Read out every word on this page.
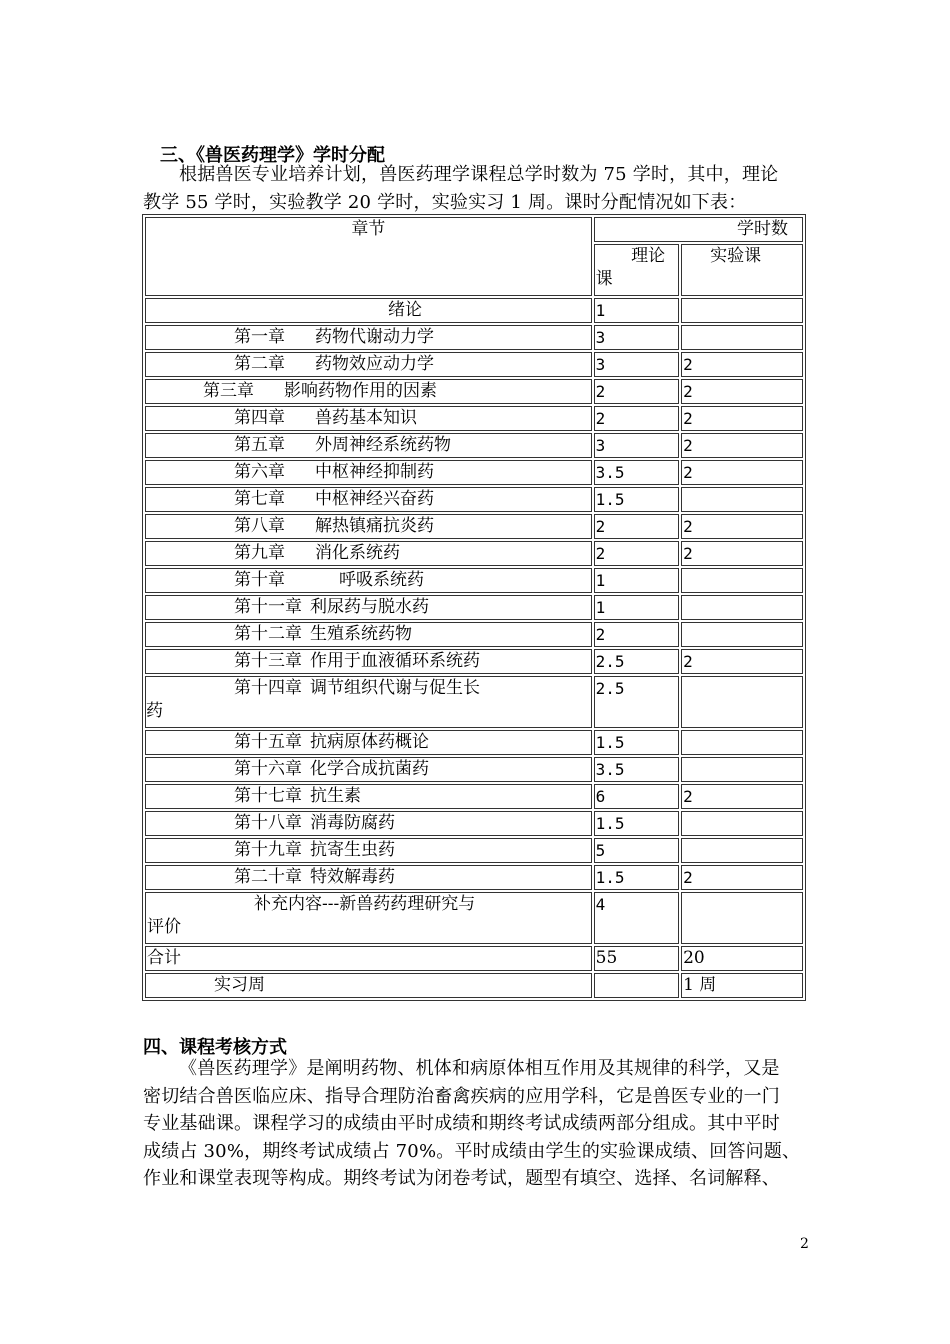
三、《兽医药理学》学时分配

根据兽医专业培养计划，兽医药理学课程总学时数为 75 学时，其中，理论

教学 55 学时，实验教学 20 学时，实验实习 1 周。课时分配情况如下表：

章节	学时数	

	理论
课	实验课
绪论	1	
第一章 药物代谢动力学	3	
第二章 药物效应动力学	3	2
第三章 影响药物作用的因素	2	2
第四章 兽药基本知识	2	2
第五章 外周神经系统药物	3	2
第六章 中枢神经抑制药	3.5	2
第七章 中枢神经兴奋药	1.5	
第八章 解热镇痛抗炎药	2	2
第九章 消化系统药	2	2
第十章 呼吸系统药	1	
第十一章 利尿药与脱水药	1	
第十二章 生殖系统药物	2	
第十三章 作用于血液循环系统药	2.5	2
第十四章 调节组织代谢与促生长
药	2.5	
第十五章 抗病原体药概论	1.5	
第十六章 化学合成抗菌药	3.5	
第十七章 抗生素	6	2
第十八章 消毒防腐药	1.5	
第十九章 抗寄生虫药	5	
第二十章 特效解毒药	1.5	2

补充内容---新兽药药理研究与
评价	4	
合计	55	20
实习周		1 周
四、课程考核方式

《兽医药理学》是阐明药物、机体和病原体相互作用及其规律的科学，又是

密切结合兽医临应床、指导合理防治畜禽疾病的应用学科，它是兽医专业的一门

专业基础课。课程学习的成绩由平时成绩和期终考试成绩两部分组成。其中平时

成绩占 30%，期终考试成绩占 70%。平时成绩由学生的实验课成绩、回答问题、

作业和课堂表现等构成。期终考试为闭卷考试，题型有填空、选择、名词解释、

2
